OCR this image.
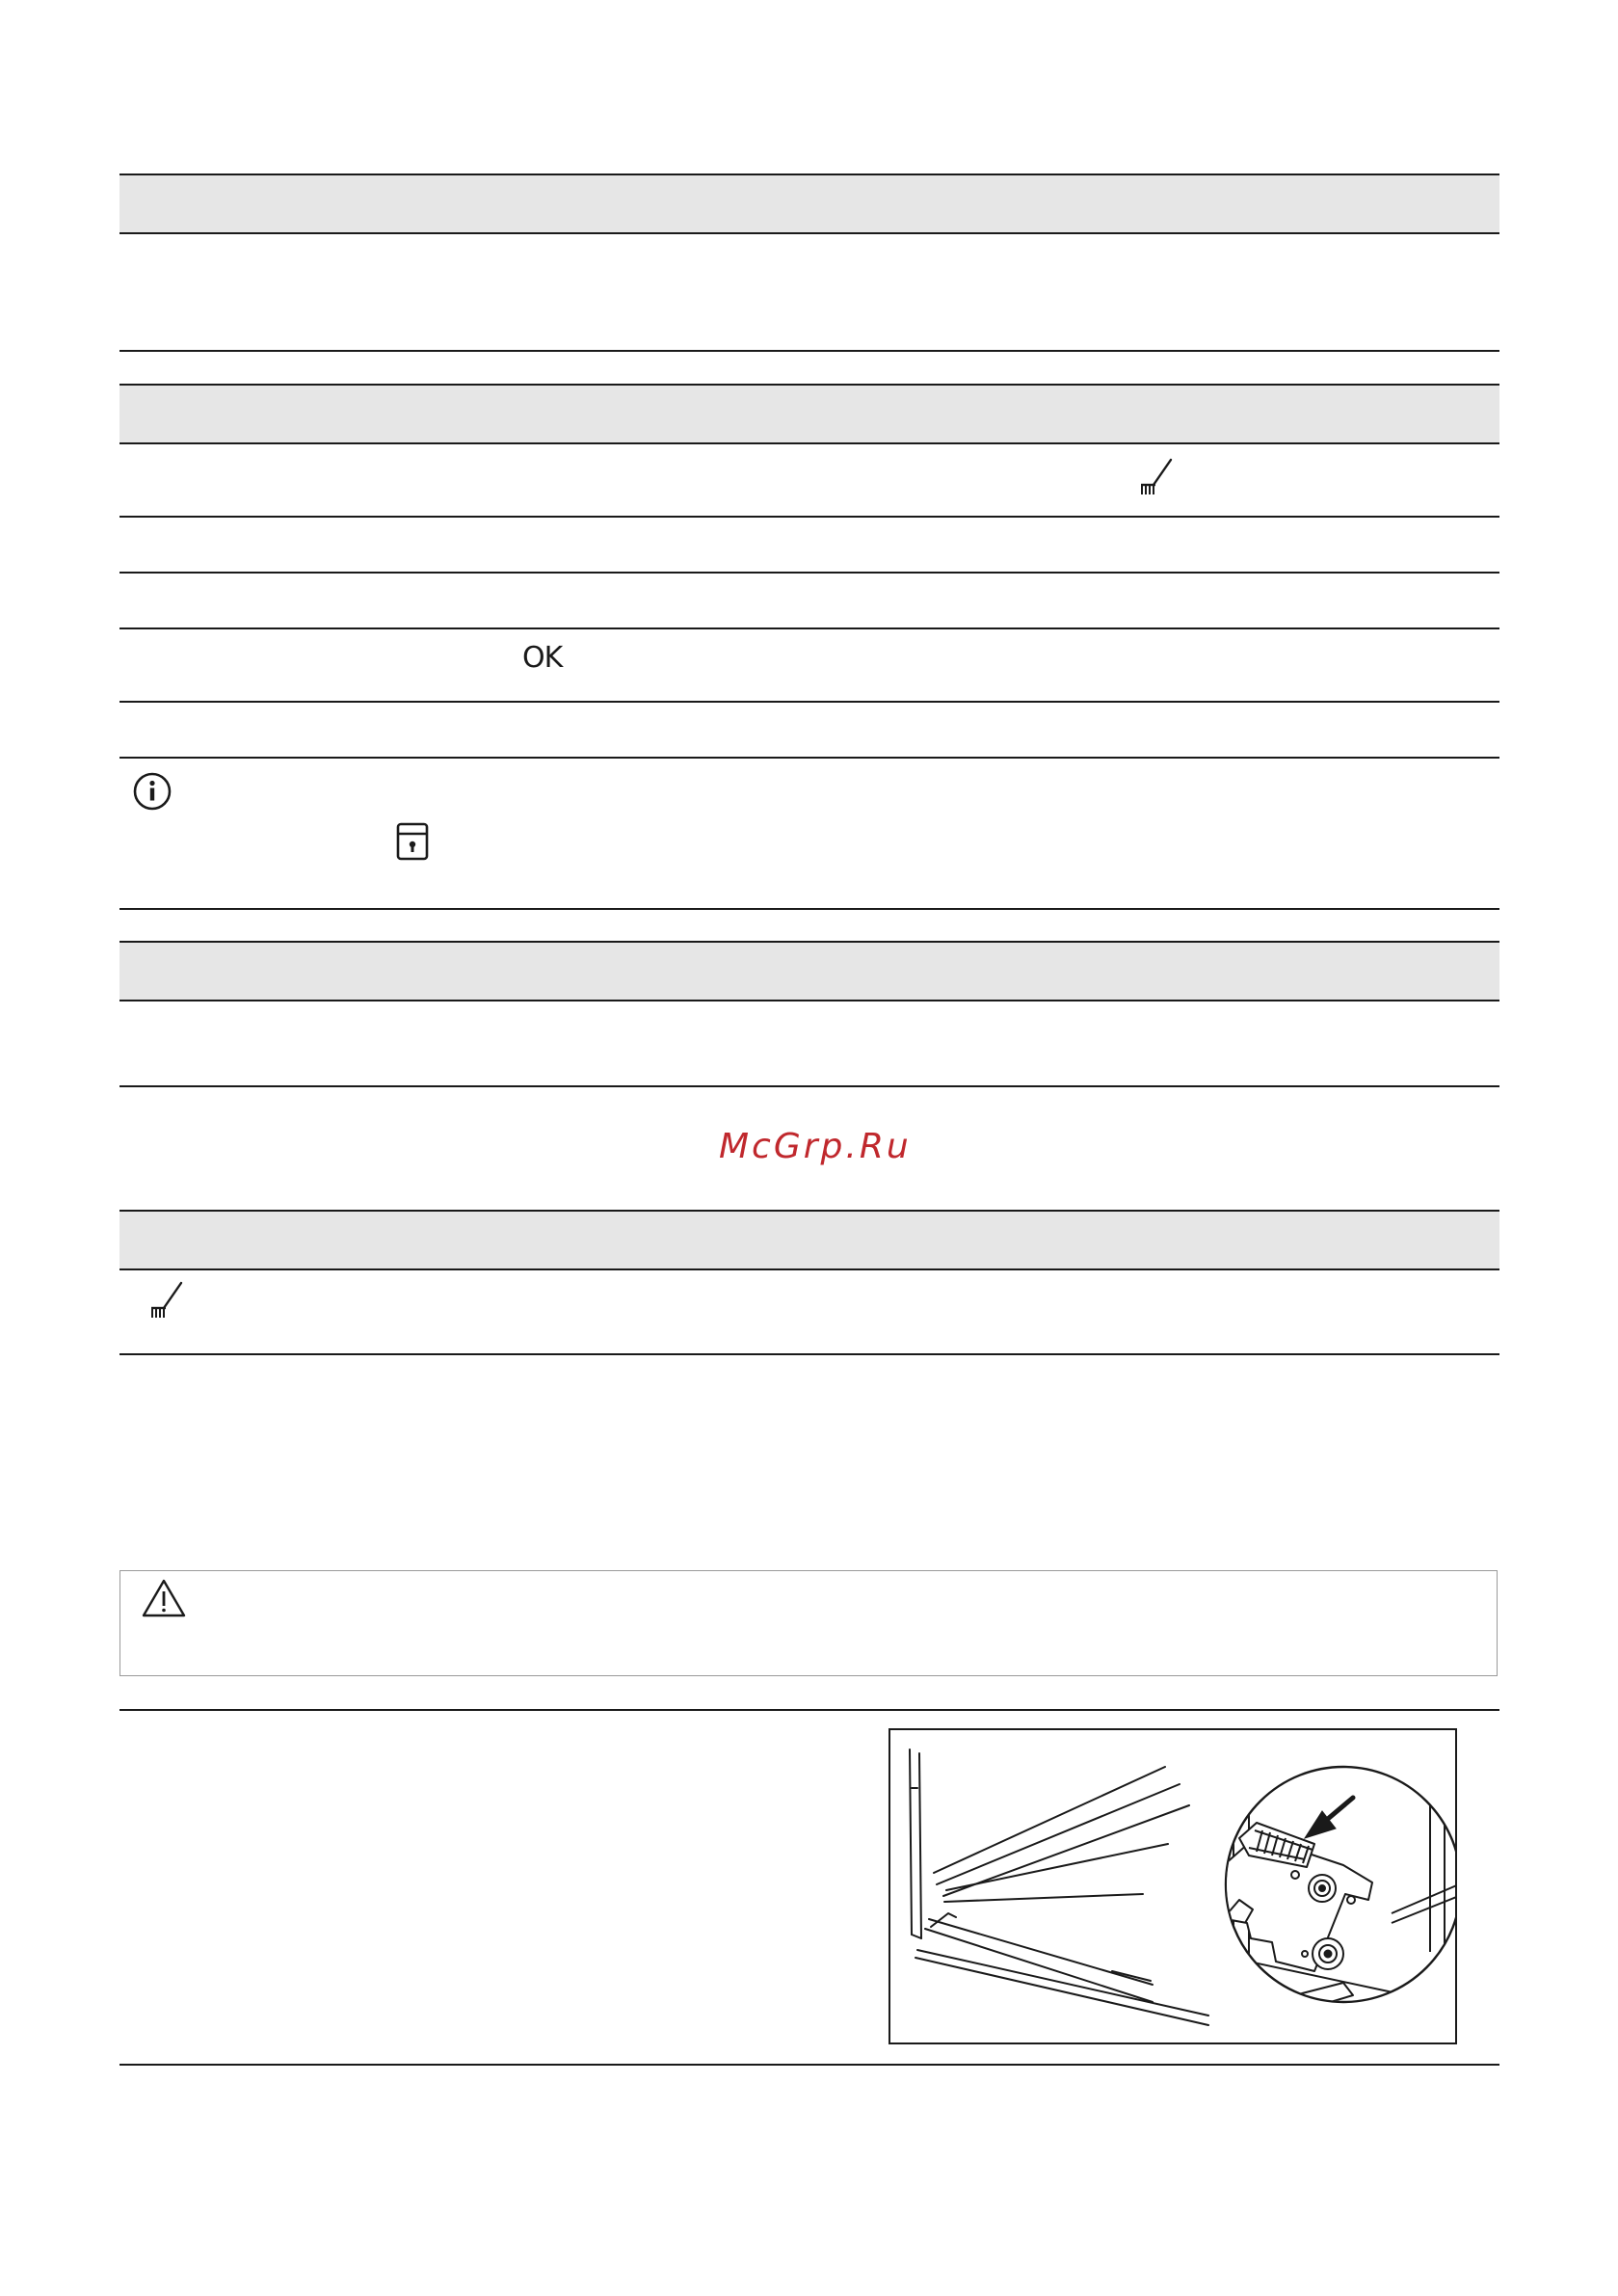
OK
McGrp.Ru
